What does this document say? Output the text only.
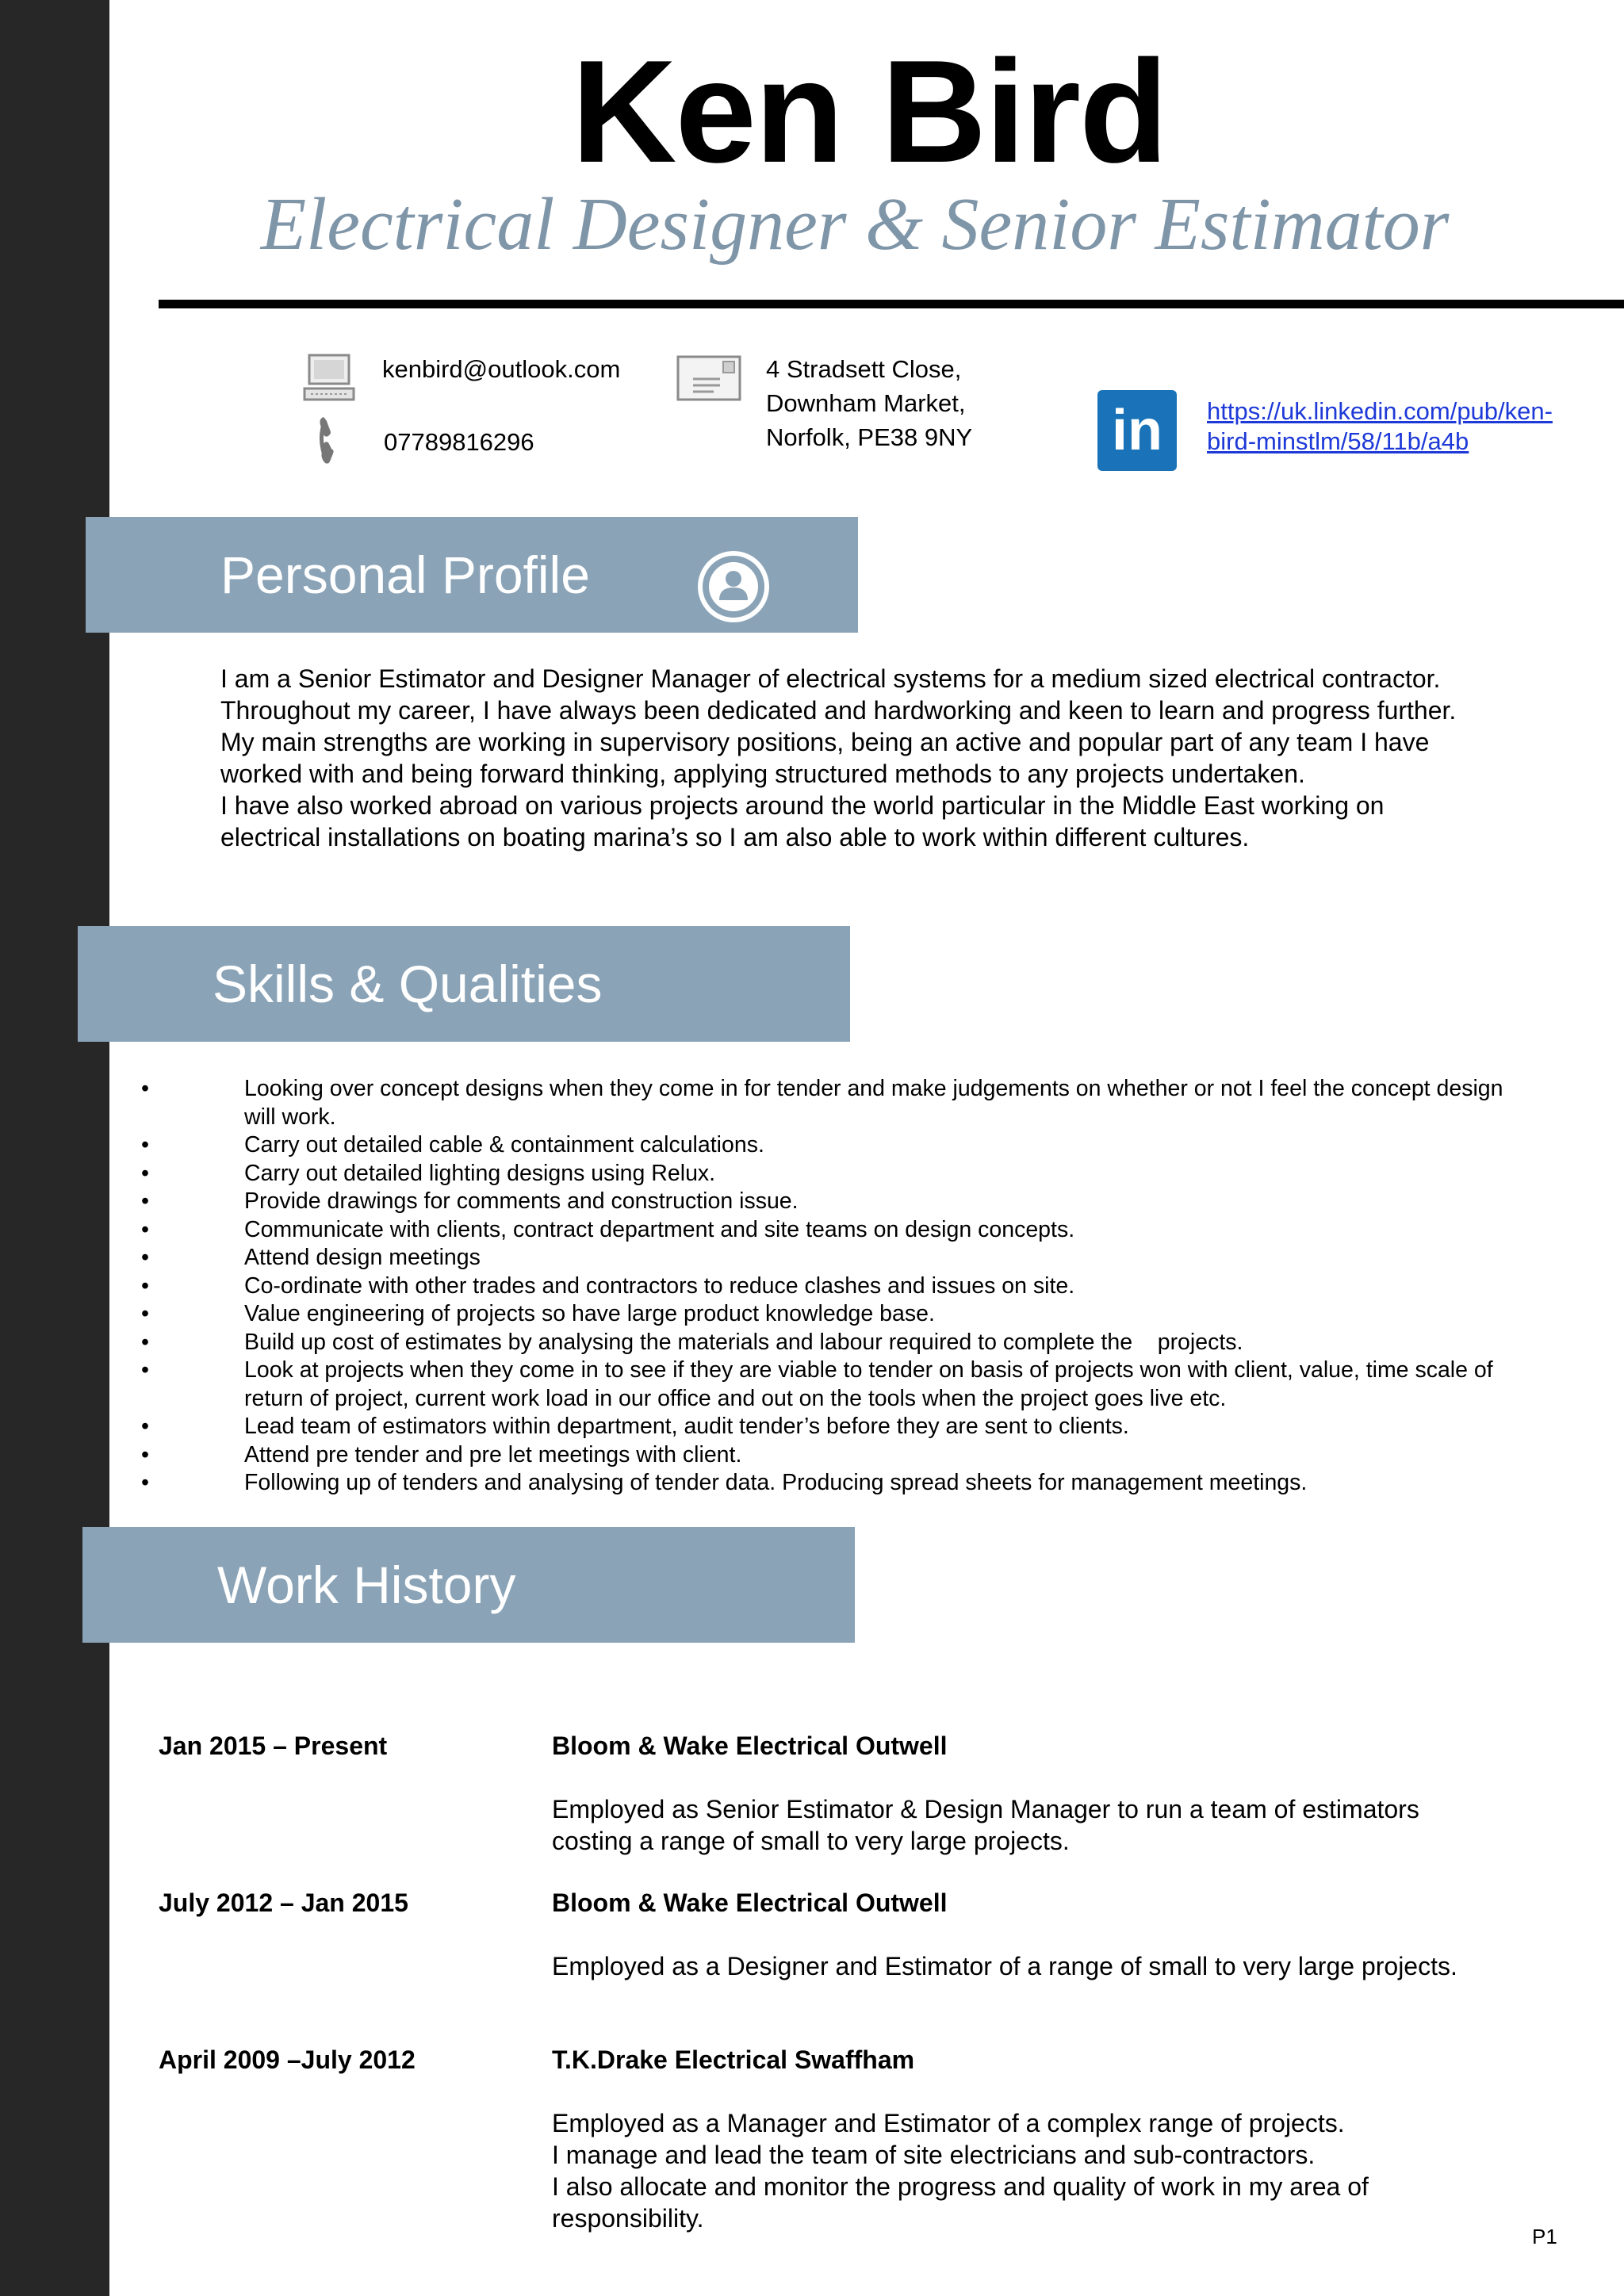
Ken Bird
Electrical Designer & Senior Estimator
kenbird@outlook.com
07789816296
4 Stradsett Close,
Downham Market,
Norfolk, PE38 9NY in	https://uk.linkedin.com/pub/ken-
bird-minstlm/58/11b/a4b
Personal Profile

I am a Senior Estimator and Designer Manager of electrical systems for a medium sized electrical contractor.

Throughout my career, I have always been dedicated and hardworking and keen to learn and progress further.

My main strengths are working in supervisory positions, being an active and popular part of any team I have worked with and being forward thinking, applying structured methods to any projects undertaken.

I have also worked abroad on various projects around the world particular in the Middle East working on electrical installations on boating marina’s so I am also able to work within different cultures.

Skills & Qualities
•	Looking over concept designs when they come in for tender and make judgements on whether or not I feel the concept design will work.
•	Carry out detailed cable & containment calculations.
•	Carry out detailed lighting designs using Relux.
•	Provide drawings for comments and construction issue.
•	Communicate with clients, contract department and site teams on design concepts.
•	Attend design meetings
•	Co-ordinate with other trades and contractors to reduce clashes and issues on site.
•	Value engineering of projects so have large product knowledge base.
•	Build up cost of estimates by analysing the materials and labour required to complete the    projects.
•	Look at projects when they come in to see if they are viable to tender on basis of projects won with client, value, time scale of return of project, current work load in our office and out on the tools when the project goes live etc.
•	Lead team of estimators within department, audit tender’s before they are sent to clients.
•	Attend pre tender and pre let meetings with client.
•	Following up of tenders and analysing of tender data. Producing spread sheets for management meetings.
Work History
Jan 2015 – Present	Bloom & Wake Electrical Outwell

Employed as Senior Estimator & Design Manager to run a team of estimators costing a range of small to very large projects.

July 2012 – Jan 2015	Bloom & Wake Electrical Outwell

Employed as a Designer and Estimator of a range of small to very large projects.

April 2009 –July 2012	T.K.Drake Electrical Swaffham

Employed as a Manager and Estimator of a complex range of projects.

I manage and lead the team of site electricians and sub-contractors.

I also allocate and monitor the progress and quality of work in my area of responsibility.

P1
